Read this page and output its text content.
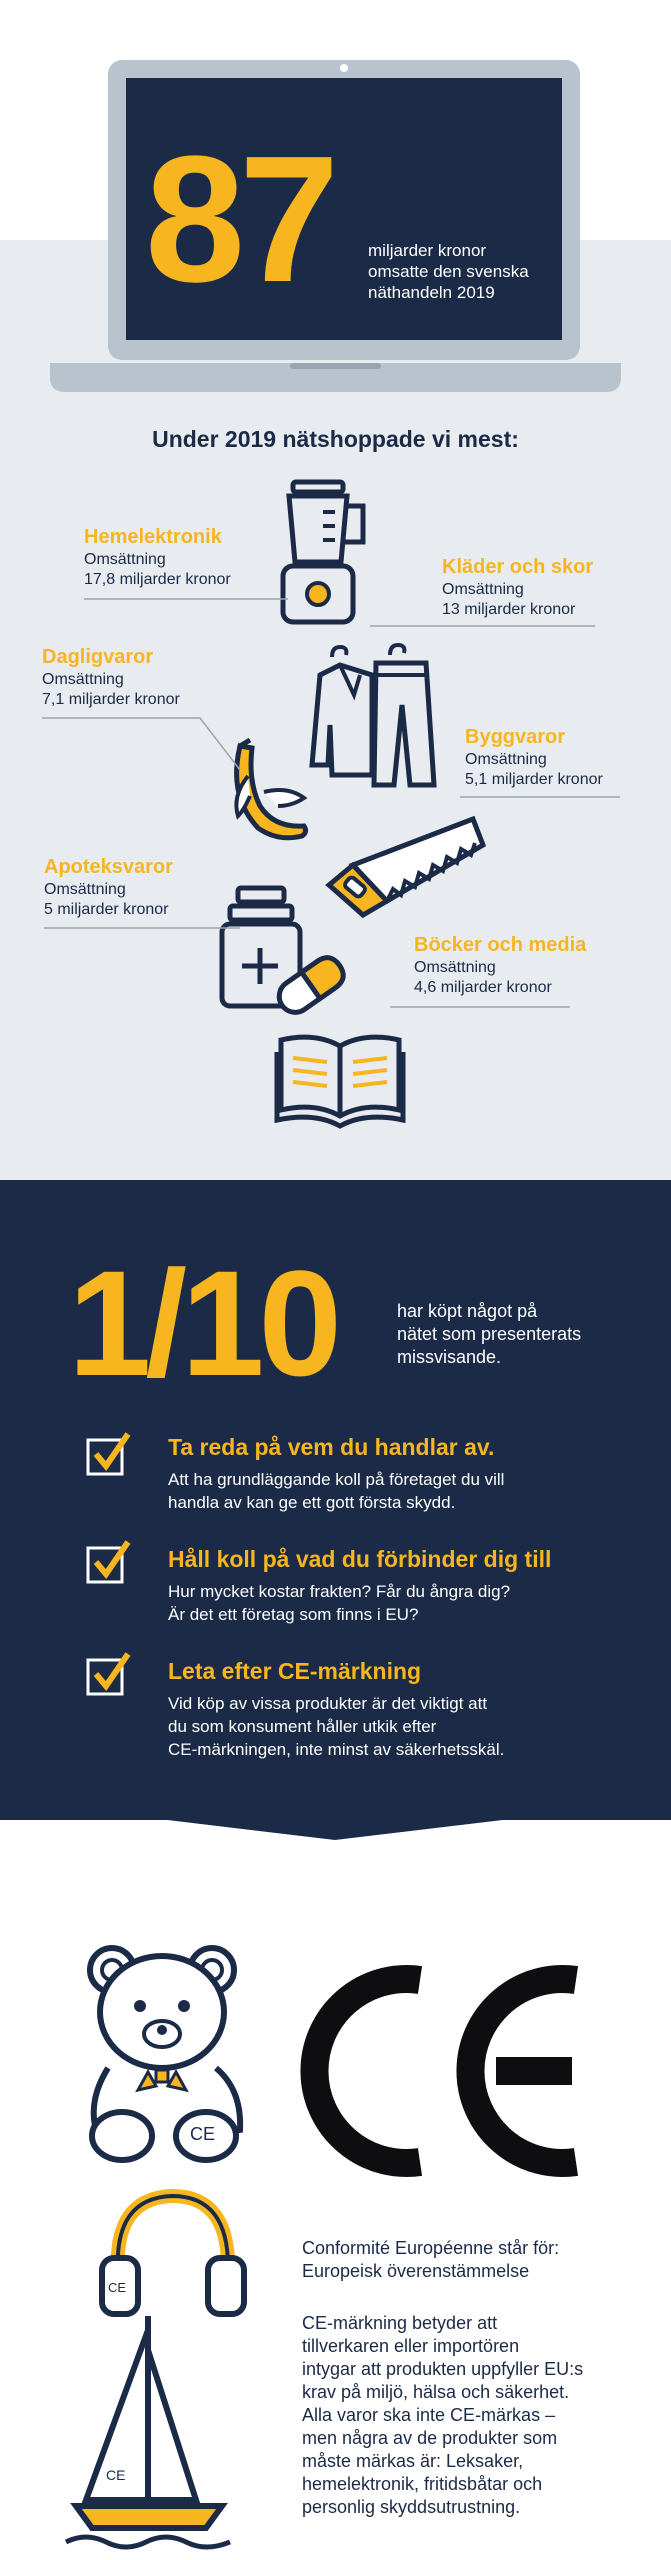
87 miljarder kronor
omsatte den svenska
näthandeln 2019
Under 2019 nätshoppade vi mest:
Hemelektronik
Omsättning
17,8 miljarder kronor
Kläder och skor
Omsättning
13 miljarder kronor
Dagligvaror
Omsättning
7,1 miljarder kronor
Byggvaror
Omsättning
5,1 miljarder kronor
Apoteksvaror
Omsättning
5 miljarder kronor
Böcker och media
Omsättning
4,6 miljarder kronor
1/10	har köpt något på
nätet som presenterats
missvisande.
Ta reda på vem du handlar av.
Att ha grundläggande koll på företaget du vill
handla av kan ge ett gott första skydd.
Håll koll på vad du förbinder dig till
Hur mycket kostar frakten? Får du ångra dig?
Är det ett företag som finns i EU?
Leta efter CE-märkning
Vid köp av vissa produkter är det viktigt att
du som konsument håller utkik efter
CE-märkningen, inte minst av säkerhetsskäl.
CE
CE
CE
Conformité Européenne står för:
Europeisk överenstämmelse
CE-märkning betyder att
tillverkaren eller importören
intygar att produkten uppfyller EU:s
krav på miljö, hälsa och säkerhet.
Alla varor ska inte CE-märkas –
men några av de produkter som
måste märkas är: Leksaker,
hemelektronik, fritidsbåtar och
personlig skyddsutrustning.
